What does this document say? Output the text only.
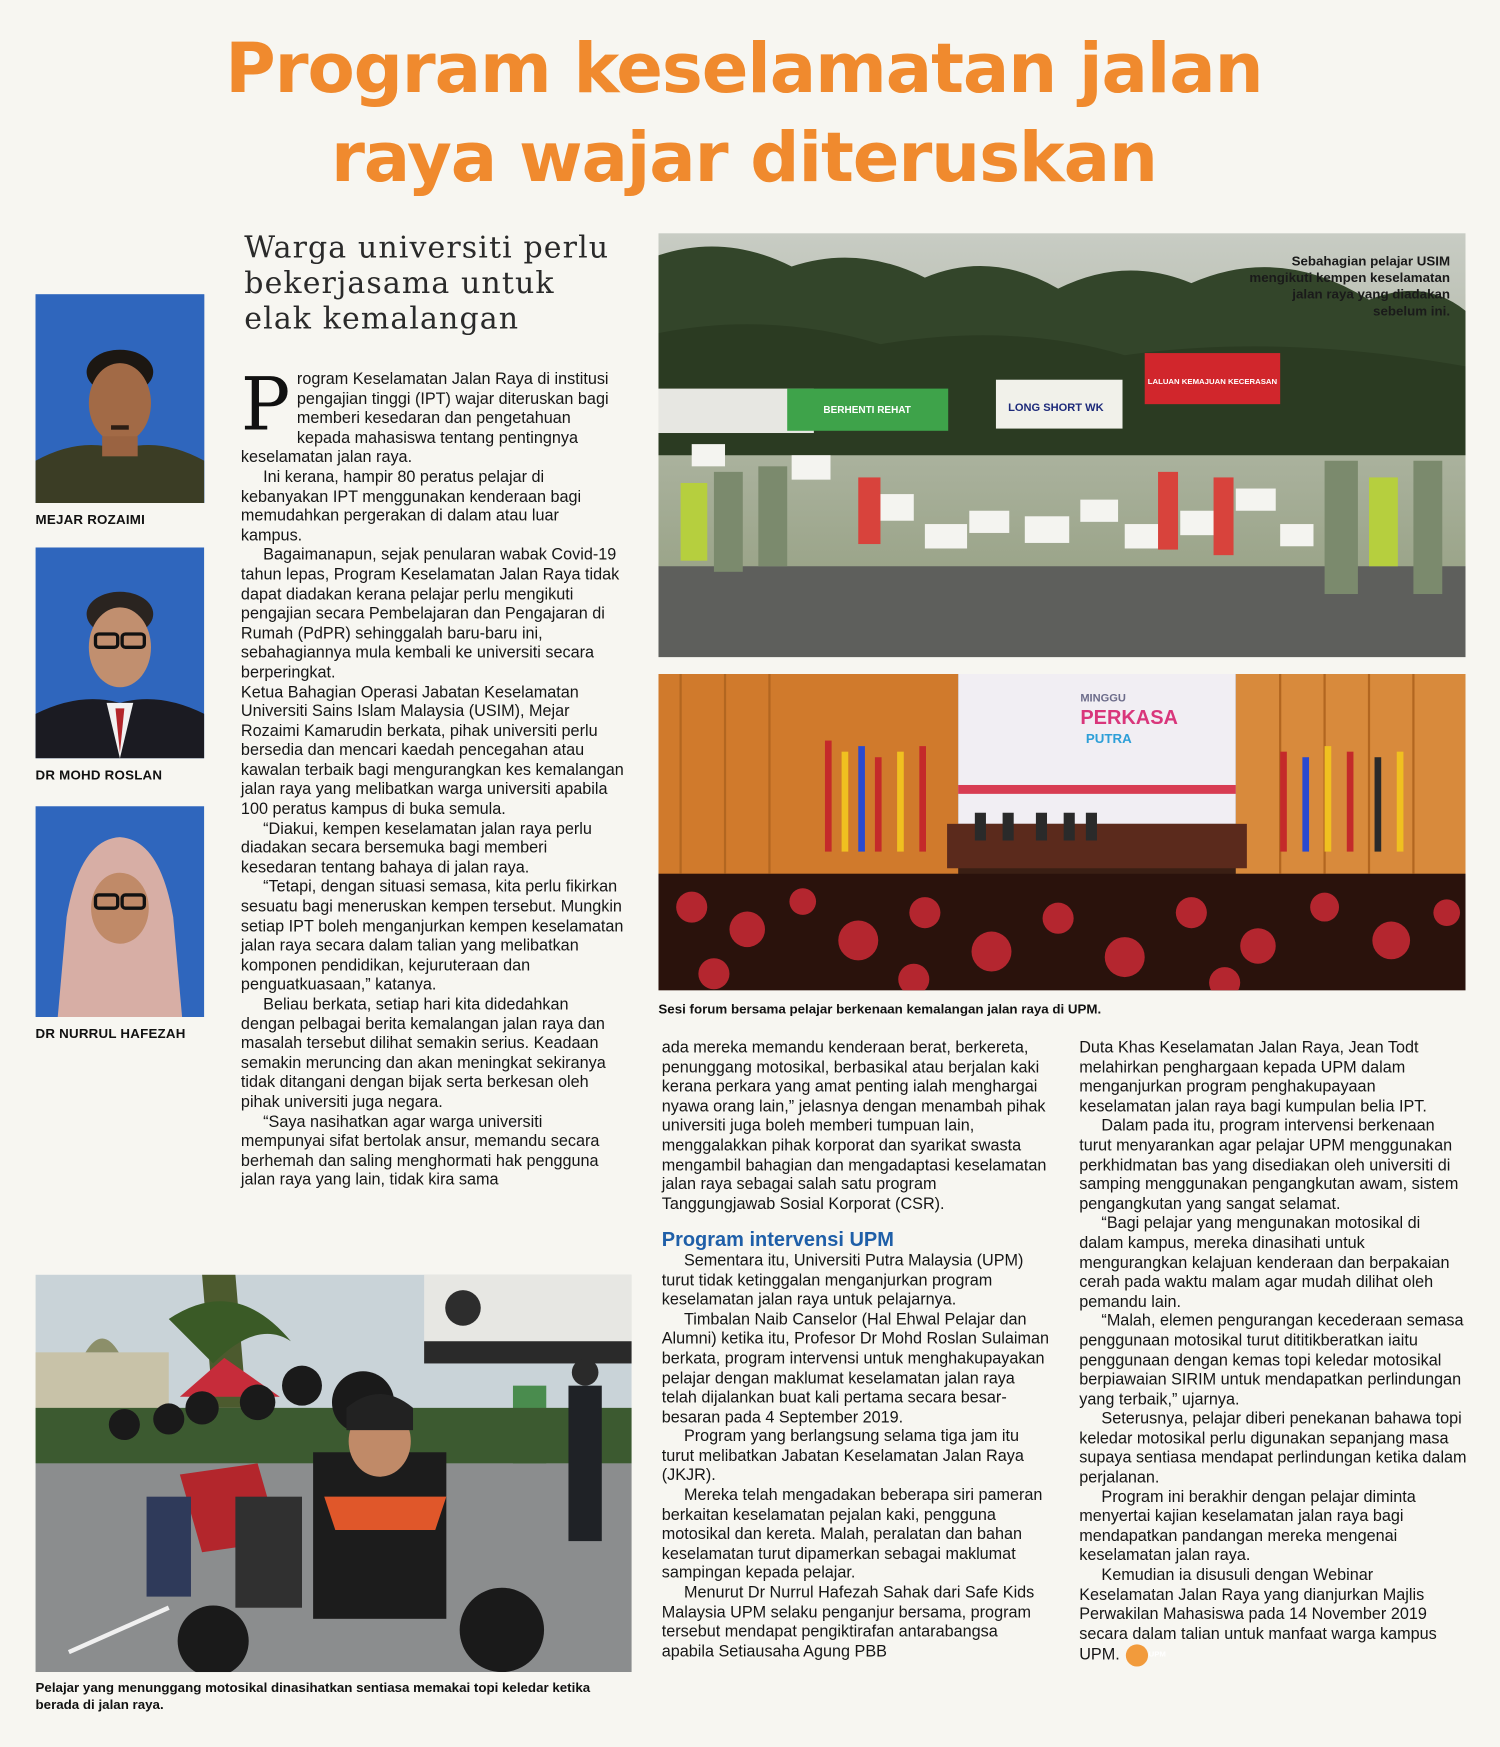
Program keselamatan jalan
raya wajar diteruskan
Warga universiti perlu
bekerjasama untuk
elak kemalangan
MEJAR ROZAIMI
DR MOHD ROSLAN
DR NURRUL HAFEZAH

Program Keselamatan Jalan Raya di institusi pengajian tinggi (IPT) wajar diteruskan bagi memberi kesedaran dan pengetahuan kepada mahasiswa tentang pentingnya keselamatan jalan raya.

Ini kerana, hampir 80 peratus pelajar di kebanyakan IPT menggunakan kenderaan bagi memudahkan pergerakan di dalam atau luar kampus.

Bagaimanapun, sejak penularan wabak Covid-19 tahun lepas, Program Keselamatan Jalan Raya tidak dapat diadakan kerana pelajar perlu mengikuti pengajian secara Pembelajaran dan Pengajaran di Rumah (PdPR) sehinggalah baru-baru ini, sebahagiannya mula kembali ke universiti secara berperingkat.

Ketua Bahagian Operasi Jabatan Keselamatan Universiti Sains Islam Malaysia (USIM), Mejar Rozaimi Kamarudin berkata, pihak universiti perlu bersedia dan mencari kaedah pencegahan atau kawalan terbaik bagi mengurangkan kes kemalangan jalan raya yang melibatkan warga universiti apabila 100 peratus kampus di buka semula.

“Diakui, kempen keselamatan jalan raya perlu diadakan secara bersemuka bagi memberi kesedaran tentang bahaya di jalan raya.

“Tetapi, dengan situasi semasa, kita perlu fikirkan sesuatu bagi meneruskan kempen tersebut. Mungkin setiap IPT boleh menganjurkan kempen keselamatan jalan raya secara dalam talian yang melibatkan komponen pendidikan, kejuruteraan dan penguatkuasaan,” katanya.

Beliau berkata, setiap hari kita didedahkan dengan pelbagai berita kemalangan jalan raya dan masalah tersebut dilihat semakin serius. Keadaan semakin meruncing dan akan meningkat sekiranya tidak ditangani dengan bijak serta berkesan oleh pihak universiti juga negara.

“Saya nasihatkan agar warga universiti mempunyai sifat bertolak ansur, memandu secara berhemah dan saling menghormati hak pengguna jalan raya yang lain, tidak kira sama

BERHENTI REHAT	LONG SHORT WK
LALUAN KEMAJUAN KECERASAN
Sebahagian pelajar USIM mengikuti kempen keselamatan jalan raya yang diadakan sebelum ini.
MINGGU
PERKASA
PUTRA
Sesi forum bersama pelajar berkenaan kemalangan jalan raya di UPM.

ada mereka memandu kenderaan berat, berkereta, penunggang motosikal, berbasikal atau berjalan kaki kerana perkara yang amat penting ialah menghargai nyawa orang lain,” jelasnya dengan menambah pihak universiti juga boleh memberi tumpuan lain, menggalakkan pihak korporat dan syarikat swasta mengambil bahagian dan mengadaptasi keselamatan jalan raya sebagai salah satu program Tanggungjawab Sosial Korporat (CSR).

Program intervensi UPM

Sementara itu, Universiti Putra Malaysia (UPM) turut tidak ketinggalan menganjurkan program keselamatan jalan raya untuk pelajarnya.

Timbalan Naib Canselor (Hal Ehwal Pelajar dan Alumni) ketika itu, Profesor Dr Mohd Roslan Sulaiman berkata, program intervensi untuk menghakupayakan pelajar dengan maklumat keselamatan jalan raya telah dijalankan buat kali pertama secara besar-besaran pada 4 September 2019.

Program yang berlangsung selama tiga jam itu turut melibatkan Jabatan Keselamatan Jalan Raya (JKJR).

Mereka telah mengadakan beberapa siri pameran berkaitan keselamatan pejalan kaki, pengguna motosikal dan kereta. Malah, peralatan dan bahan keselamatan turut dipamerkan sebagai maklumat sampingan kepada pelajar.

Menurut Dr Nurrul Hafezah Sahak dari Safe Kids Malaysia UPM selaku penganjur bersama, program tersebut mendapat pengiktirafan antarabangsa apabila Setiausaha Agung PBB

Duta Khas Keselamatan Jalan Raya, Jean Todt melahirkan penghargaan kepada UPM dalam menganjurkan program penghakupayaan keselamatan jalan raya bagi kumpulan belia IPT.

Dalam pada itu, program intervensi berkenaan turut menyarankan agar pelajar UPM menggunakan perkhidmatan bas yang disediakan oleh universiti di samping menggunakan pengangkutan awam, sistem pengangkutan yang sangat selamat.

“Bagi pelajar yang mengunakan motosikal di dalam kampus, mereka dinasihati untuk mengurangkan kelajuan kenderaan dan berpakaian cerah pada waktu malam agar mudah dilihat oleh pemandu lain.

“Malah, elemen pengurangan kecederaan semasa penggunaan motosikal turut dititikberatkan iaitu penggunaan dengan kemas topi keledar motosikal berpiawaian SIRIM untuk mendapatkan perlindungan yang terbaik,” ujarnya.

Seterusnya, pelajar diberi penekanan bahawa topi keledar motosikal perlu digunakan sepanjang masa supaya sentiasa mendapat perlindungan ketika dalam perjalanan.

Program ini berakhir dengan pelajar diminta menyertai kajian keselamatan jalan raya bagi mendapatkan pandangan mereka mengenai keselamatan jalan raya.

Kemudian ia disusuli dengan Webinar Keselamatan Jalan Raya yang dianjurkan Majlis Perwakilan Mahasiswa pada 14 November 2019 secara dalam talian untuk manfaat warga kampus UPM.	UPM

Pelajar yang menunggang motosikal dinasihatkan sentiasa memakai topi keledar ketika berada di jalan raya.
